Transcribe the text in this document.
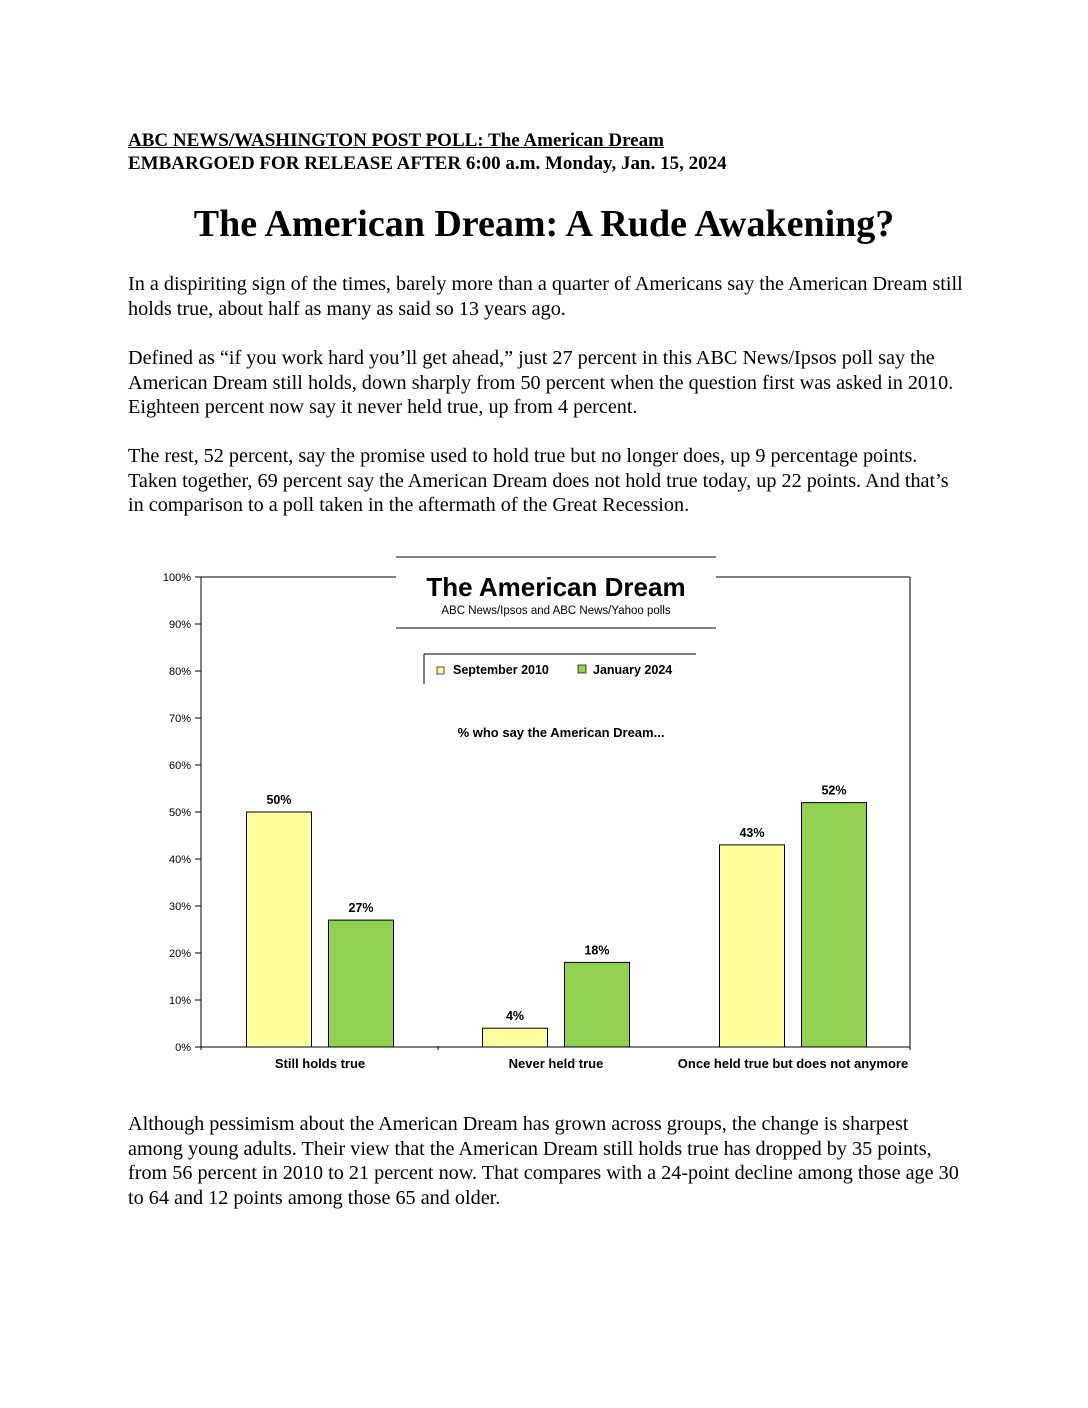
ABC NEWS/WASHINGTON POST POLL: The American Dream
EMBARGOED FOR RELEASE AFTER 6:00 a.m. Monday, Jan. 15, 2024
The American Dream: A Rude Awakening?

In a dispiriting sign of the times, barely more than a quarter of Americans say the American Dream still holds true, about half as many as said so 13 years ago.

Defined as “if you work hard you’ll get ahead,” just 27 percent in this ABC News/Ipsos poll say the American Dream still holds, down sharply from 50 percent when the question first was asked in 2010. Eighteen percent now say it never held true, up from 4 percent.

The rest, 52 percent, say the promise used to hold true but no longer does, up 9 percentage points. Taken together, 69 percent say the American Dream does not hold true today, up 22 points. And that’s in comparison to a poll taken in the aftermath of the Great Recession.

0%
10%
20%
30%
40%
50%
60%
70%
80%
90%
100%
50%
27%
4%
18%
43%
52%
Still holds true	Never held true	Once held true but does not anymore
The American Dream
ABC News/Ipsos and ABC News/Yahoo polls
September 2010	January 2024
% who say the American Dream...

Although pessimism about the American Dream has grown across groups, the change is sharpest among young adults. Their view that the American Dream still holds true has dropped by 35 points, from 56 percent in 2010 to 21 percent now. That compares with a 24-point decline among those age 30 to 64 and 12 points among those 65 and older.
